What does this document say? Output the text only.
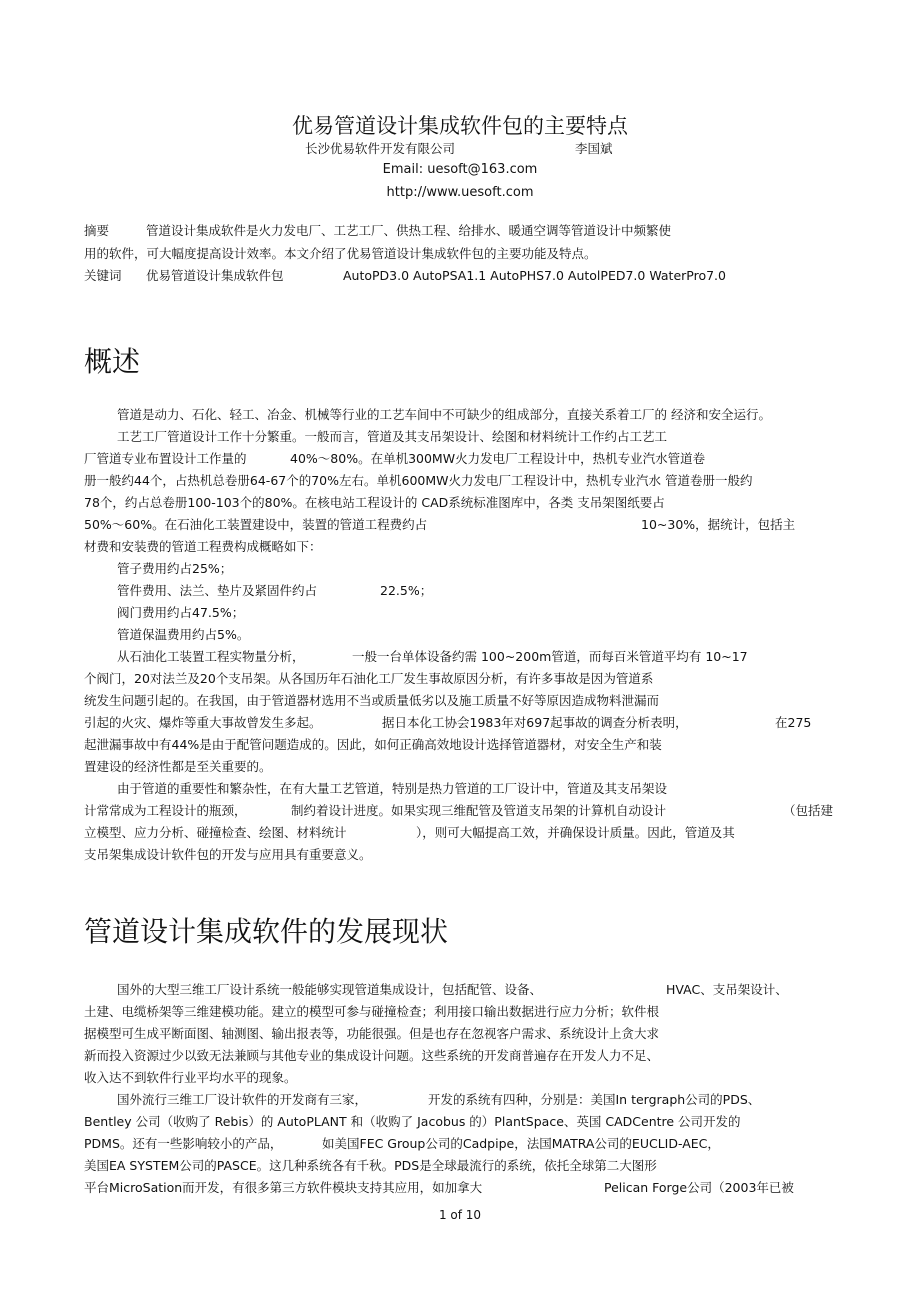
优易管道设计集成软件包的主要特点
长沙优易软件开发有限公司	李国斌
Email: uesoft@163.com
http://www.uesoft.com
摘要	管道设计集成软件是火力发电厂、工艺工厂、供热工程、给排水、暖通空调等管道设计中频繁使
用的软件，可大幅度提高设计效率。本文介绍了优易管道设计集成软件包的主要功能及特点。
关键词 优易管道设计集成软件包	AutoPD3.0 AutoPSA1.1 AutoPHS7.0 AutolPED7.0 WaterPro7.0
概述
管道是动力、石化、轻工、冶金、机械等行业的工艺车间中不可缺少的组成部分，直接关系着工厂的 经济和安全运行。
工艺工厂管道设计工作十分繁重。一般而言，管道及其支吊架设计、绘图和材料统计工作约占工艺工
厂管道专业布置设计工作量的	40%～80%。在单机300MW火力发电厂工程设计中，热机专业汽水管道卷
册一般约44个，占热机总卷册64-67个的70%左右。单机600MW火力发电厂工程设计中，热机专业汽水 管道卷册一般约
78个，约占总卷册100-103个的80%。在核电站工程设计的 CAD系统标准图库中，各类 支吊架图纸要占
50%～60%。在石油化工装置建设中，装置的管道工程费约占	10~30%，据统计，包括主
材费和安装费的管道工程费构成概略如下：
管子费用约占25%；
管件费用、法兰、垫片及紧固件约占	22.5%；
阀门费用约占47.5%；
管道保温费用约占5%。
从石油化工装置工程实物量分析，	一般一台单体设备约需 100~200m管道，而每百米管道平均有 10~17
个阀门，20对法兰及20个支吊架。从各国历年石油化工厂发生事故原因分析，有许多事故是因为管道系
统发生问题引起的。在我国，由于管道器材选用不当或质量低劣以及施工质量不好等原因造成物料泄漏而
引起的火灾、爆炸等重大事故曾发生多起。	据日本化工协会1983年对697起事故的调查分析表明，	在275
起泄漏事故中有44%是由于配管问题造成的。因此，如何正确高效地设计选择管道器材，对安全生产和装
置建设的经济性都是至关重要的。
由于管道的重要性和繁杂性，在有大量工艺管道，特别是热力管道的工厂设计中，管道及其支吊架设
计常常成为工程设计的瓶颈，	制约着设计进度。如果实现三维配管及管道支吊架的计算机自动设计	（包括建
立模型、应力分析、碰撞检查、绘图、材料统计	），则可大幅提高工效，并确保设计质量。因此，管道及其
支吊架集成设计软件包的开发与应用具有重要意义。
管道设计集成软件的发展现状
国外的大型三维工厂设计系统一般能够实现管道集成设计，包括配管、设备、	HVAC、支吊架设计、
土建、电缆桥架等三维建模功能。建立的模型可参与碰撞检查；利用接口输出数据进行应力分析；软件根
据模型可生成平断面图、轴测图、输出报表等，功能很强。但是也存在忽视客户需求、系统设计上贪大求
新而投入资源过少以致无法兼顾与其他专业的集成设计问题。这些系统的开发商普遍存在开发人力不足、
收入达不到软件行业平均水平的现象。
国外流行三维工厂设计软件的开发商有三家，	开发的系统有四种，分别是：美国In tergraph公司的PDS、
Bentley 公司（收购了 Rebis）的 AutoPLANT 和（收购了 Jacobus 的）PlantSpace、英国 CADCentre 公司开发的
PDMS。还有一些影响较小的产品，	如美国FEC Group公司的Cadpipe，法国MATRA公司的EUCLID-AEC，
美国EA SYSTEM公司的PASCE。这几种系统各有千秋。PDS是全球最流行的系统，依托全球第二大图形
平台MicroSation而开发，有很多第三方软件模块支持其应用，如加拿大	Pelican Forge公司（2003年已被
1 of 10
